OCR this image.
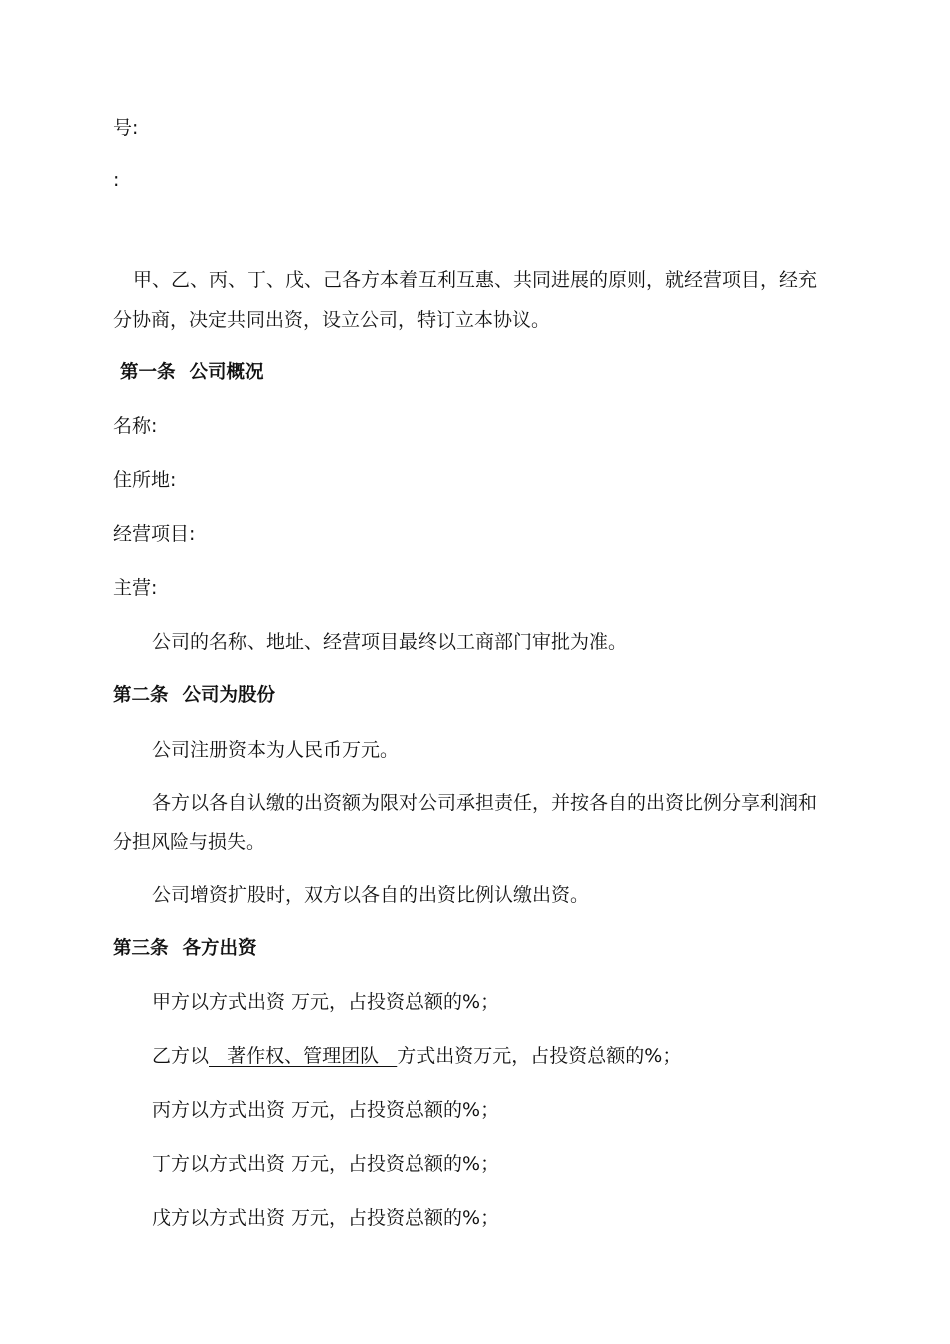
号:
:
甲、乙、丙、丁、戊、己各方本着互利互惠、共同进展的原则，就经营项目，经充
分协商，决定共同出资，设立公司，特订立本协议。
第一条 公司概况
名称:
住所地:
经营项目:
主营:
公司的名称、地址、经营项目最终以工商部门审批为准。
第二条 公司为股份
公司注册资本为人民币万元。
各方以各自认缴的出资额为限对公司承担责任，并按各自的出资比例分享利润和
分担风险与损失。
公司增资扩股时，双方以各自的出资比例认缴出资。
第三条 各方出资
甲方以方式出资 万元，占投资总额的%；
乙方以   著作权、管理团队   方式出资万元，占投资总额的%；
丙方以方式出资 万元，占投资总额的%；
丁方以方式出资 万元，占投资总额的%；
戊方以方式出资 万元，占投资总额的%；
